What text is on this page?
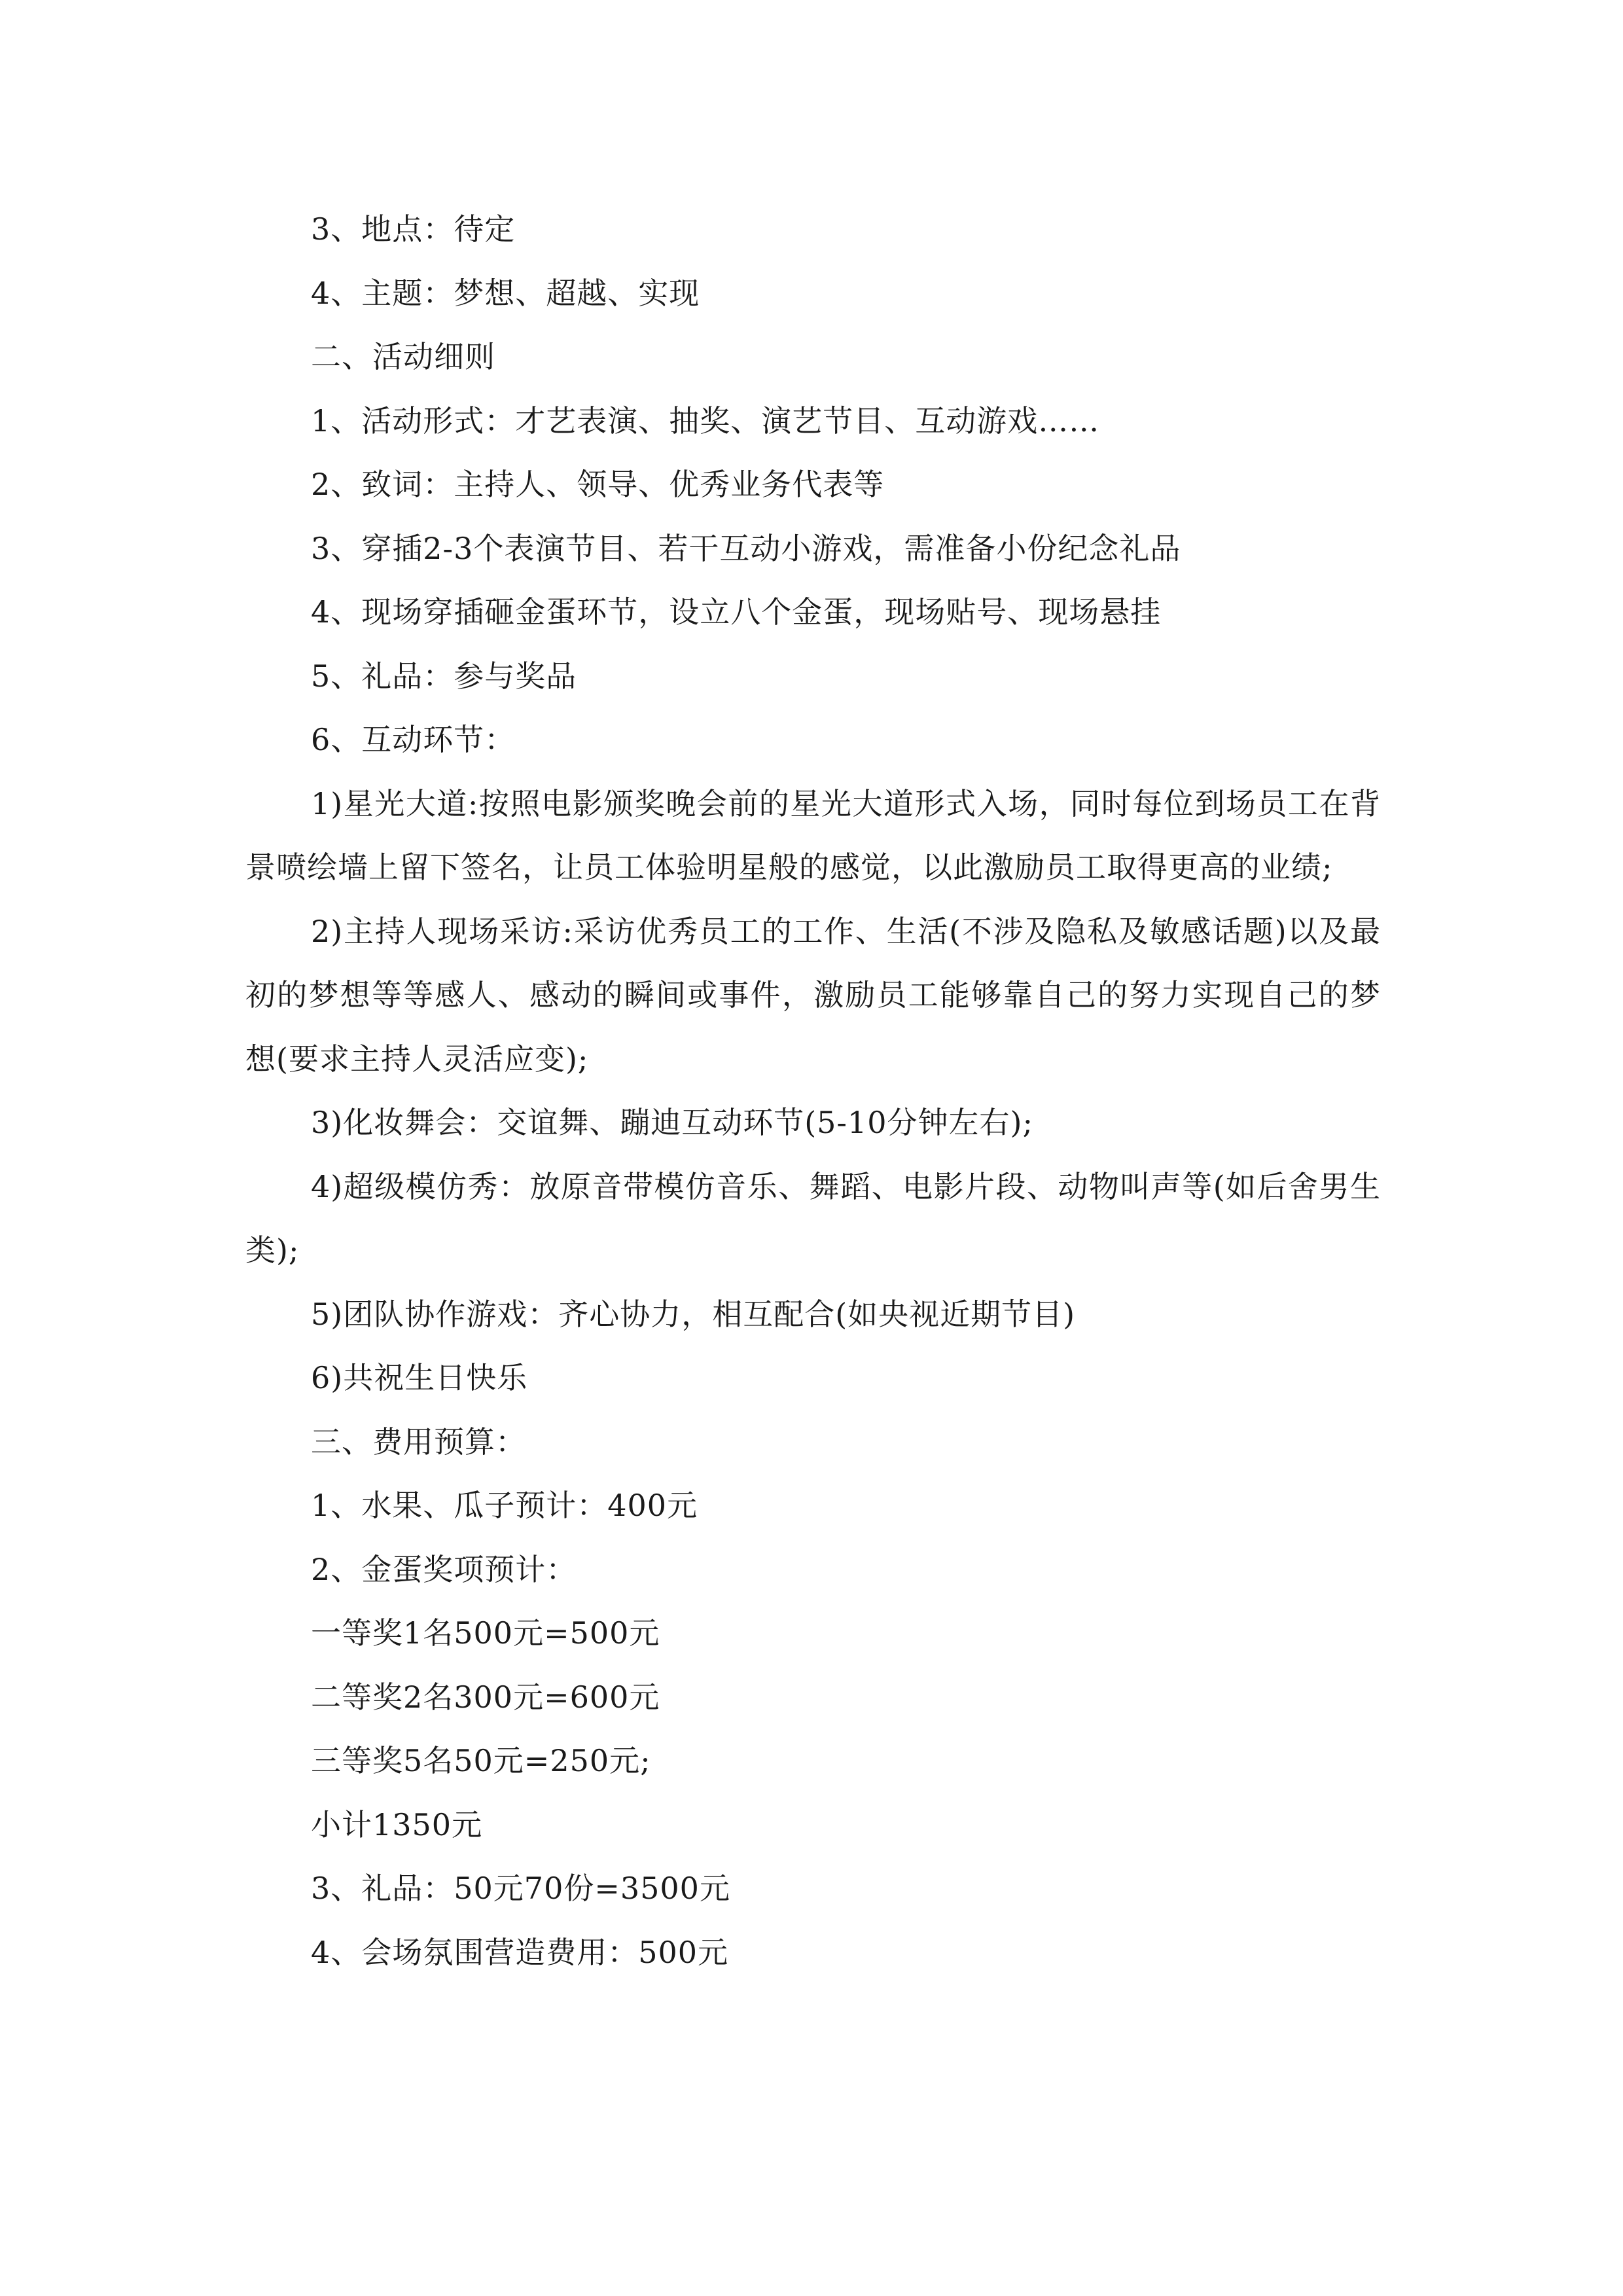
3、地点：待定

4、主题：梦想、超越、实现

二、活动细则

1、活动形式：才艺表演、抽奖、演艺节目、互动游戏……

2、致词：主持人、领导、优秀业务代表等

3、穿插2-3个表演节目、若干互动小游戏，需准备小份纪念礼品

4、现场穿插砸金蛋环节，设立八个金蛋，现场贴号、现场悬挂

5、礼品：参与奖品

6、互动环节：

1)星光大道:按照电影颁奖晚会前的星光大道形式入场，同时每位到场员工在背景喷绘墙上留下签名，让员工体验明星般的感觉，以此激励员工取得更高的业绩;

2)主持人现场采访:采访优秀员工的工作、生活(不涉及隐私及敏感话题)以及最初的梦想等等感人、感动的瞬间或事件，激励员工能够靠自己的努力实现自己的梦想(要求主持人灵活应变);

3)化妆舞会：交谊舞、蹦迪互动环节(5-10分钟左右);

4)超级模仿秀：放原音带模仿音乐、舞蹈、电影片段、动物叫声等(如后舍男生类);

5)团队协作游戏：齐心协力，相互配合(如央视近期节目)

6)共祝生日快乐

三、费用预算：

1、水果、瓜子预计：400元

2、金蛋奖项预计：

一等奖1名500元=500元

二等奖2名300元=600元

三等奖5名50元=250元;

小计1350元

3、礼品：50元70份=3500元

4、会场氛围营造费用：500元
